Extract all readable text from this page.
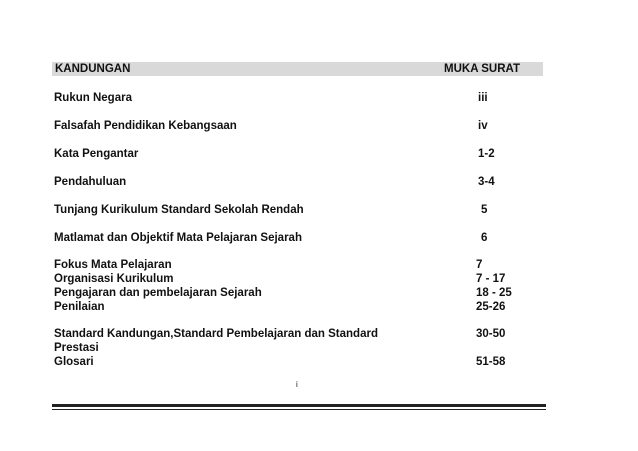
KANDUNGAN	MUKA SURAT
Rukun Negara	iii
Falsafah Pendidikan Kebangsaan	iv
Kata Pengantar	1-2
Pendahuluan	3-4
Tunjang Kurikulum Standard Sekolah Rendah	5
Matlamat dan Objektif Mata Pelajaran Sejarah	6
Fokus Mata Pelajaran	7
Organisasi Kurikulum	7 - 17
Pengajaran dan pembelajaran Sejarah	18 - 25
Penilaian	25-26
Standard Kandungan,Standard Pembelajaran dan Standard	30-50
Prestasi
Glosari	51-58
i
